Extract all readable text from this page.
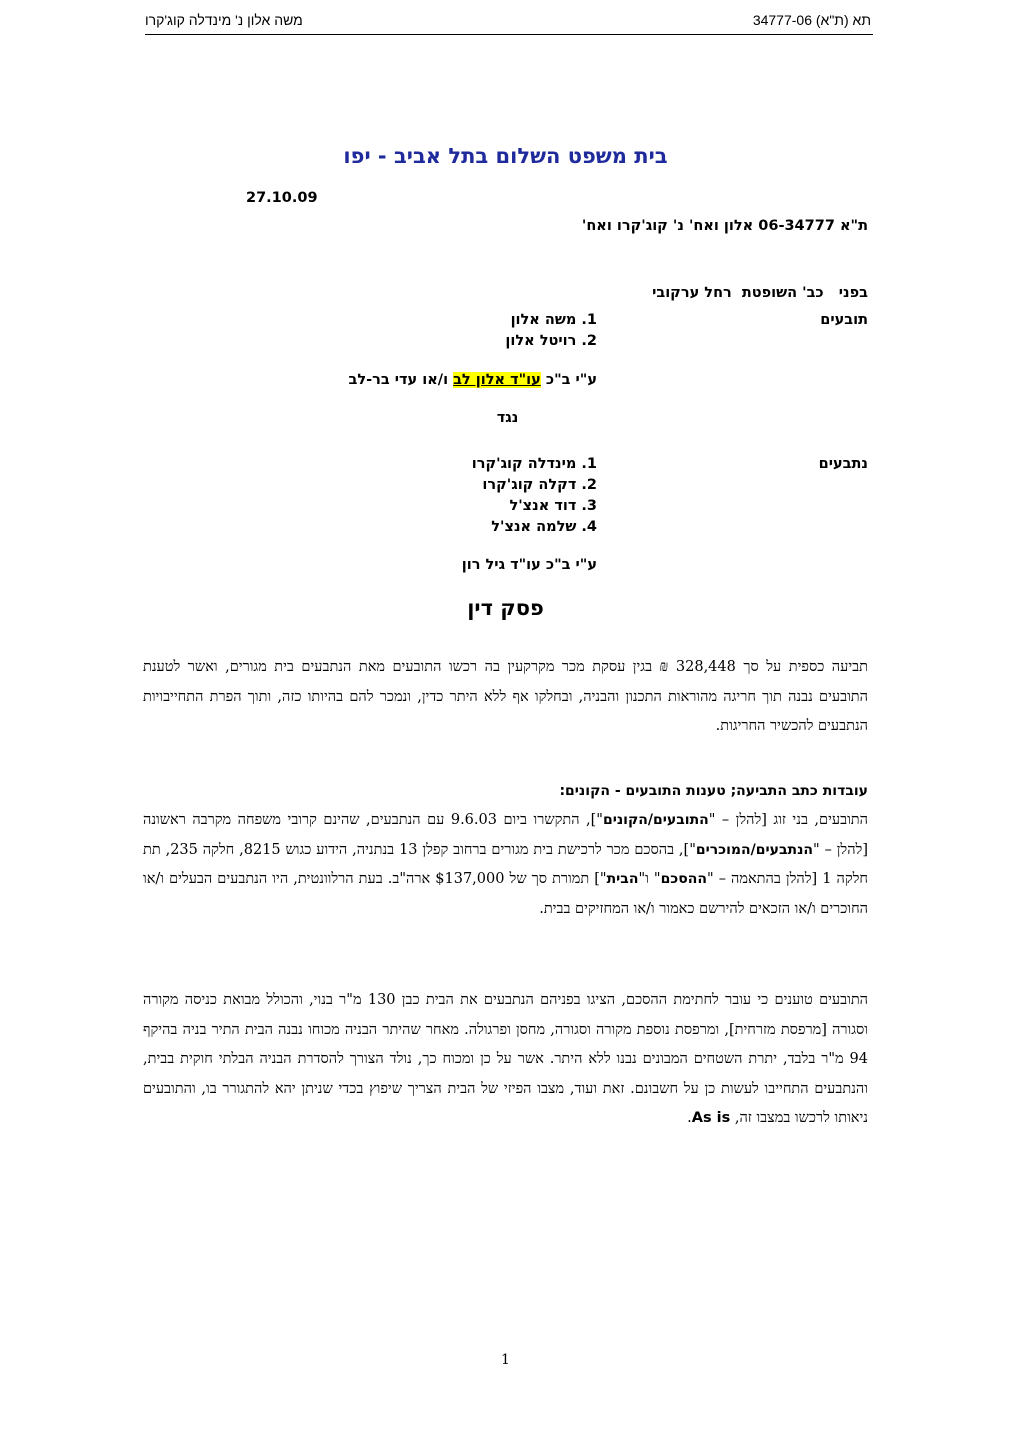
תא (ת"א) 34777-06
משה אלון נ' מינדלה קוג'קרו
בית משפט השלום בתל אביב - יפו
27.10.09
ת"א 06-34777 אלון ואח' נ' קוג'קרו ואח'
בפני   כב' השופטת  רחל ערקובי
תובעים
1. משה אלון
2. רויטל אלון
ע"י ב"כ עו"ד אלון לב ו/או עדי בר-לב
נגד
נתבעים
1. מינדלה קוג'קרו
2. דקלה קוג'קרו
3. דוד אנצ'ל
4. שלמה אנצ'ל
ע"י ב"כ עו"ד גיל רון
פסק דין

תביעה כספית על סך 328,448 ₪ בגין עסקת מכר מקרקעין בה רכשו התובעים מאת הנתבעים בית מגורים, ואשר לטענת התובעים נבנה תוך חריגה מהוראות התכנון והבניה, ובחלקו אף ללא היתר כדין, ונמכר להם בהיותו כזה, ותוך הפרת התחייבויות הנתבעים להכשיר החריגות.

עובדות כתב התביעה; טענות התובעים - הקונים:

התובעים, בני זוג [להלן – "התובעים/הקונים"], התקשרו ביום 9.6.03 עם הנתבעים, שהינם קרובי משפחה מקרבה ראשונה [להלן – "הנתבעים/המוכרים"], בהסכם מכר לרכישת בית מגורים ברחוב קפלן 13 בנתניה, הידוע כגוש 8215, חלקה 235, תת חלקה 1 [להלן בהתאמה – "ההסכם" ו"הבית"] תמורת סך של $137,000 ארה"ב. בעת הרלוונטית, היו הנתבעים הבעלים ו/או החוכרים ו/או הזכאים להירשם כאמור ו/או המחזיקים בבית.

התובעים טוענים כי עובר לחתימת ההסכם, הציגו בפניהם הנתבעים את הבית כבן 130 מ"ר בנוי, והכולל מבואת כניסה מקורה וסגורה [מרפסת מזרחית], ומרפסת נוספת מקורה וסגורה, מחסן ופרגולה. מאחר שהיתר הבניה מכוחו נבנה הבית התיר בניה בהיקף 94 מ"ר בלבד, יתרת השטחים המבונים נבנו ללא היתר. אשר על כן ומכוח כך, נולד הצורך להסדרת הבניה הבלתי חוקית בבית, והנתבעים התחייבו לעשות כן על חשבונם. זאת ועוד, מצבו הפיזי של הבית הצריך שיפוץ בכדי שניתן יהא להתגורר בו, והתובעים ניאותו לרכשו במצבו זה, As is.

1
